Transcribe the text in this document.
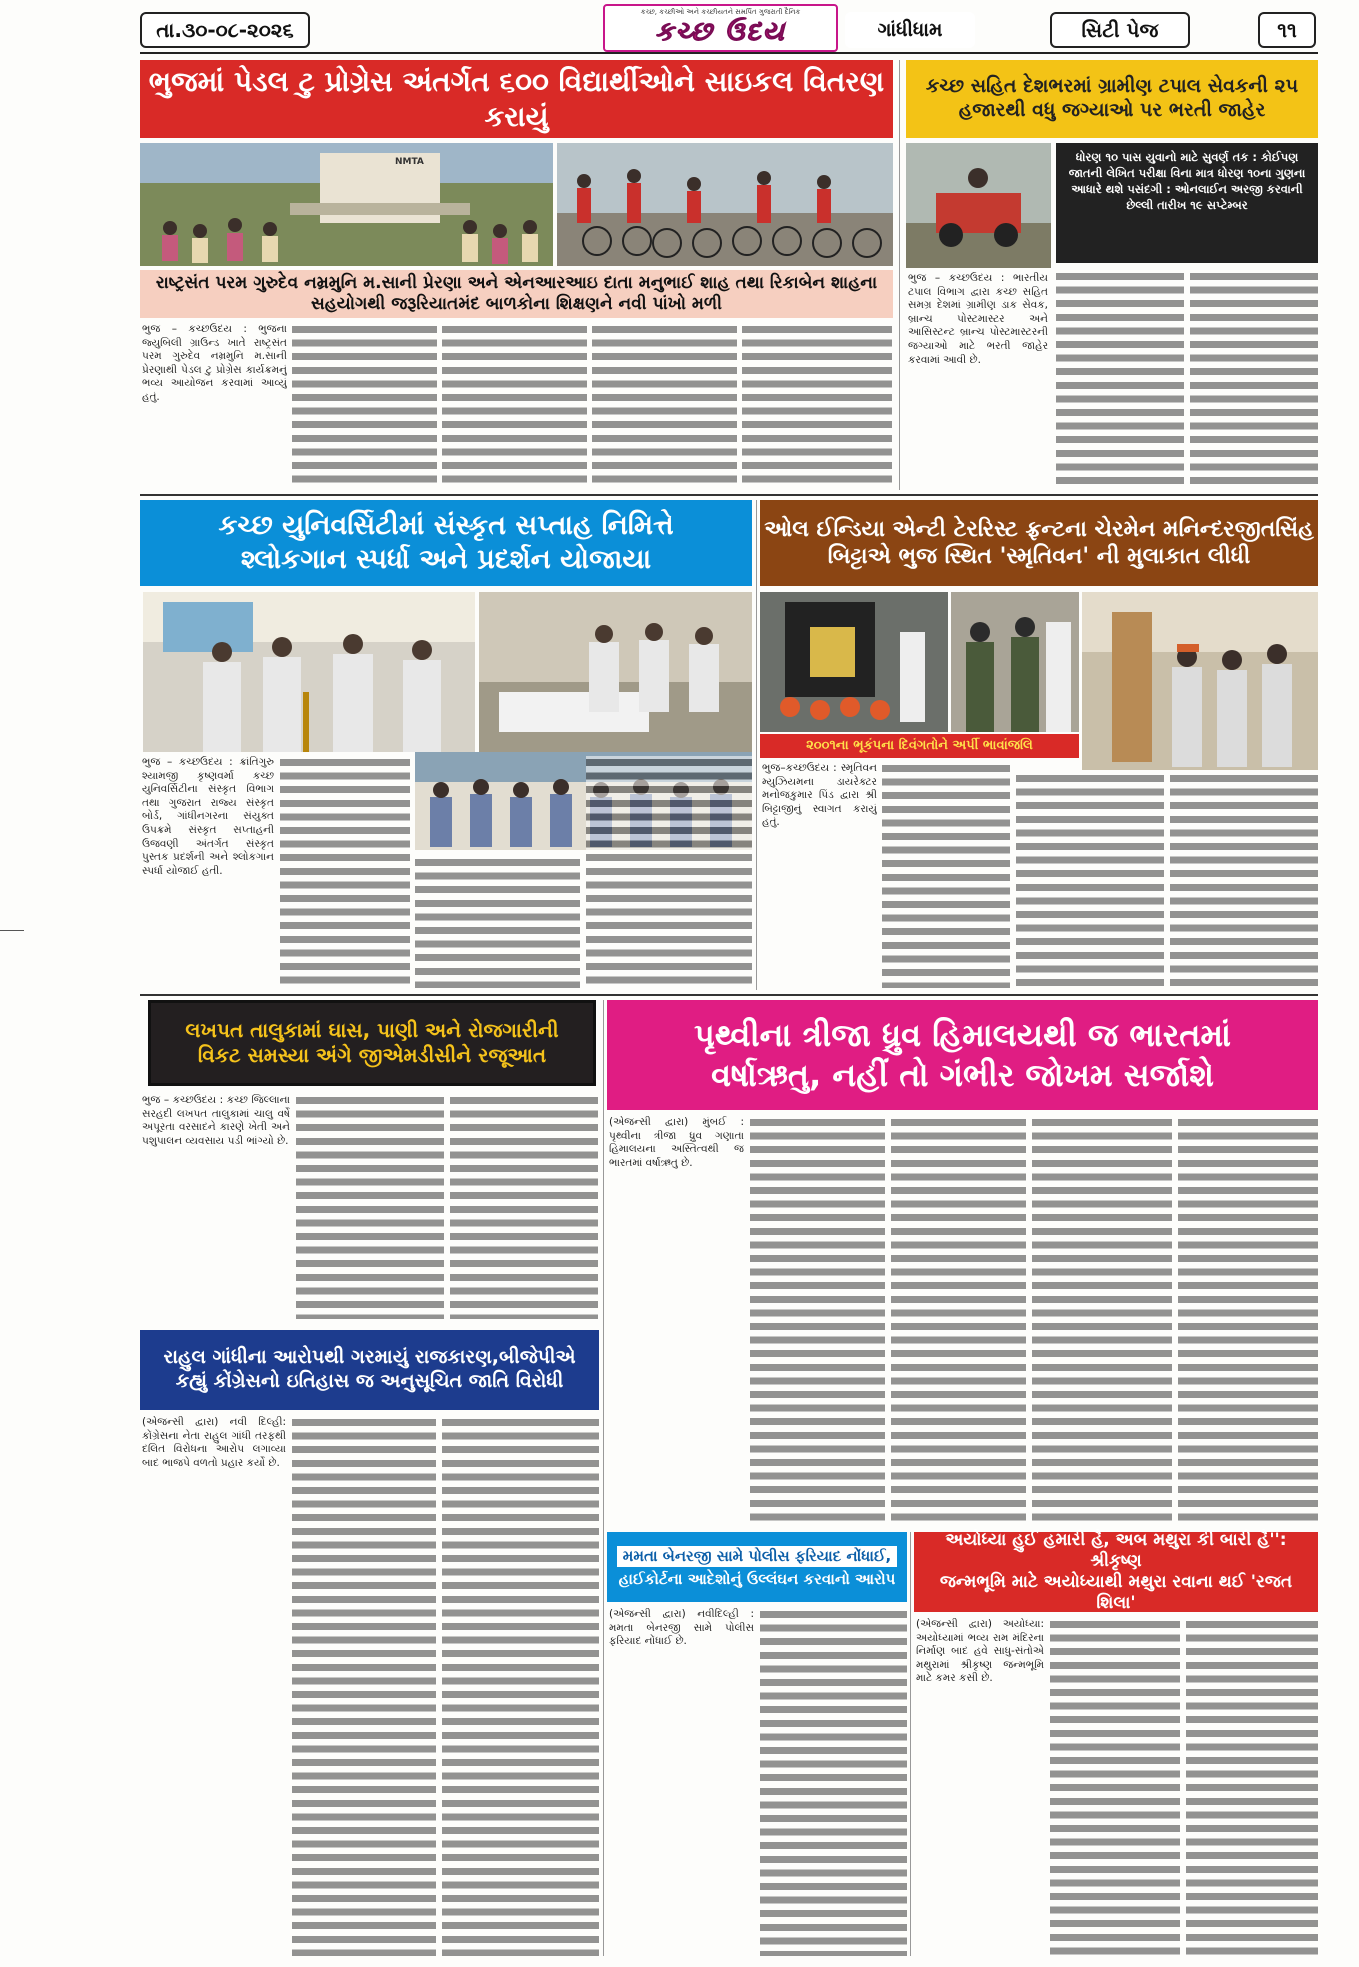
તા.૩૦-૦૮-૨૦૨૬
કચ્છ, કચ્છીઓ અને કચ્છીયતને સમર્પિત ગુજરાતી દૈનિક
કચ્છ ઉદય	ગાંધીધામ	સિટી પેજ	૧૧
ભુજમાં પેડલ ટુ પ્રોગ્રેસ અંતર્ગત ૬૦૦ વિદ્યાર્થીઓને સાઇકલ વિતરણ કરાયું
NMTA
રાષ્ટ્રસંત પરમ ગુરુદેવ નમ્રમુનિ મ.સાની પ્રેરણા અને એનઆરઆઇ દાતા મનુભાઈ શાહ તથા રિકાબેન શાહના સહયોગથી જરૂરિયાતમંદ બાળકોના શિક્ષણને નવી પાંખો મળી
ભુજ – કચ્છઉદય : ભુજના જ્યુબિલી ગ્રાઉન્ડ ખાતે રાષ્ટ્રસંત પરમ ગુરુદેવ નમ્રમુનિ મ.સાની પ્રેરણાથી પેડલ ટુ પ્રોગ્રેસ કાર્યક્રમનું ભવ્ય આયોજન કરવામાં આવ્યું હતું.
કચ્છ સહિત દેશભરમાં ગ્રામીણ ટપાલ સેવકની ૨૫ હજારથી વધુ જગ્યાઓ પર ભરતી જાહેર
ધોરણ ૧૦ પાસ યુવાનો માટે સુવર્ણ તક : કોઈપણ જાતની લેખિત પરીક્ષા વિના માત્ર ધોરણ ૧૦ના ગુણના આધારે થશે પસંદગી : ઓનલાઈન અરજી કરવાની છેલ્લી તારીખ ૧૯ સપ્ટેમ્બર
ભુજ – કચ્છઉદય : ભારતીય ટપાલ વિભાગ દ્વારા કચ્છ સહિત સમગ્ર દેશમાં ગ્રામીણ ડાક સેવક, બ્રાન્ચ પોસ્ટમાસ્ટર અને આસિસ્ટન્ટ બ્રાન્ચ પોસ્ટમાસ્ટરની જગ્યાઓ માટે ભરતી જાહેર કરવામાં આવી છે.
કચ્છ યુનિવર્સિટીમાં સંસ્કૃત સપ્તાહ નિમિત્તે
શ્લોકગાન સ્પર્ધા અને પ્રદર્શન યોજાયા
ભુજ – કચ્છઉદય : ક્રાંતિગુરુ શ્યામજી કૃષ્ણવર્મા કચ્છ યુનિવર્સિટીના સંસ્કૃત વિભાગ તથા ગુજરાત રાજ્ય સંસ્કૃત બોર્ડ, ગાંધીનગરના સંયુક્ત ઉપક્રમે સંસ્કૃત સપ્તાહની ઉજવણી અંતર્ગત સંસ્કૃત પુસ્તક પ્રદર્શની અને શ્લોકગાન સ્પર્ધા યોજાઈ હતી.
ઓલ ઈન્ડિયા એન્ટી ટેરરિસ્ટ ફ્રન્ટના ચેરમેન મનિન્દરજીતસિંહ
બિટ્ટાએ ભુજ સ્થિત 'સ્મૃતિવન' ની મુલાકાત લીધી
૨૦૦૧ના ભૂકંપના દિવંગતોને અર્પી ભાવાંજલિ
ભુજ–કચ્છઉદય : સ્મૃતિવન મ્યુઝિયમના ડાયરેક્ટર મનોજકુમાર પિંડ દ્વારા શ્રી બિટ્ટાજીનું સ્વાગત કરાયું હતું.
લખપત તાલુકામાં ઘાસ, પાણી અને રોજગારીની
વિકટ સમસ્યા અંગે જીએમડીસીને રજૂઆત
ભુજ – કચ્છઉદય : કચ્છ જિલ્લાના સરહદી લખપત તાલુકામાં ચાલુ વર્ષે અપૂરતા વરસાદને કારણે ખેતી અને પશુપાલન વ્યવસાય પડી ભાંગ્યો છે.
પૃથ્વીના ત્રીજા ધ્રુવ હિમાલયથી જ ભારતમાં
વર્ષાઋતુ, નહીં તો ગંભીર જોખમ સર્જાશે
(એજન્સી દ્વારા) મુંબઈ : પૃથ્વીના ત્રીજા ધ્રુવ ગણાતા હિમાલયના અસ્તિત્વથી જ ભારતમાં વર્ષાઋતુ છે.
રાહુલ ગાંધીના આરોપથી ગરમાયું રાજકારણ,બીજેપીએ
કહ્યું કોંગ્રેસનો ઇતિહાસ જ અનુસૂચિત જાતિ વિરોધી
(એજન્સી દ્વારા) નવી દિલ્હી: કોંગ્રેસના નેતા રાહુલ ગાંધી તરફથી દલિત વિરોધના આરોપ લગાવ્યા બાદ ભાજપે વળતો પ્રહાર કર્યો છે.
મમતા બેનરજી સામે પોલીસ ફરિયાદ નોંધાઈ,
હાઈકોર્ટના આદેશોનું ઉલ્લંઘન કરવાનો આરોપ
(એજન્સી દ્વારા) નવીદિલ્હી : મમતા બેનરજી સામે પોલીસ ફરિયાદ નોંધાઈ છે.
અયોધ્યા હુઈ હમારી હૈ, અબ મથુરા કી બારી હૈ'': શ્રીકૃષ્ણ
જન્મભૂમિ માટે અયોધ્યાથી મથુરા રવાના થઈ 'રજત શિલા'
(એજન્સી દ્વારા) અયોધ્યા: અયોધ્યામાં ભવ્ય રામ મંદિરના નિર્માણ બાદ હવે સાધુ-સંતોએ મથુરામાં શ્રીકૃષ્ણ જન્મભૂમિ માટે કમર કસી છે.
